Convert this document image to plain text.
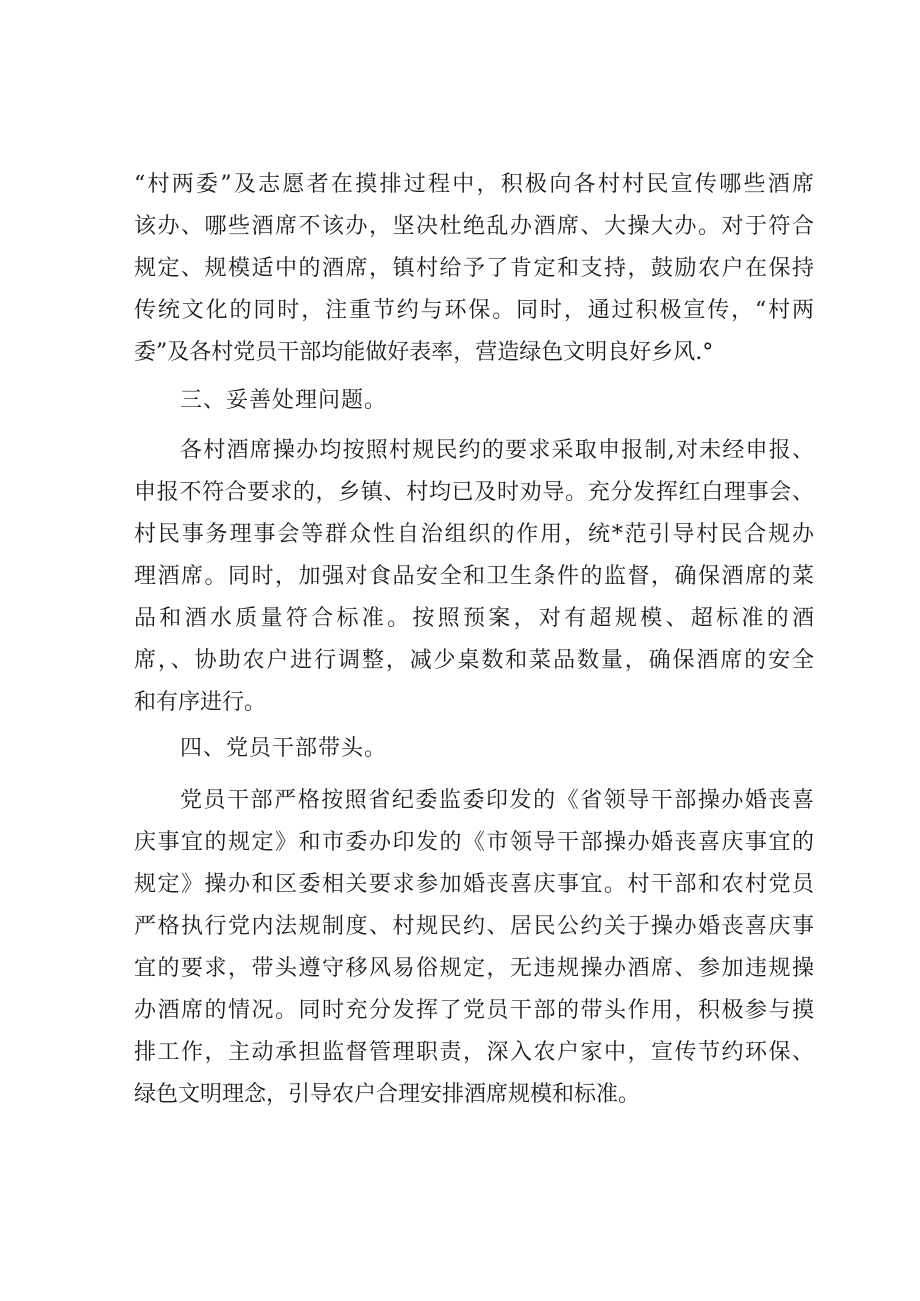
“村两委”及志愿者在摸排过程中，积极向各村村民宣传哪些酒席
该办、哪些酒席不该办，坚决杜绝乱办酒席、大操大办。对于符合
规定、规模适中的酒席，镇村给予了肯定和支持，鼓励农户在保持
传统文化的同时，注重节约与环保。同时，通过积极宣传，“村两
委”及各村党员干部均能做好表率，营造绿色文明良好乡风.°
三、妥善处理问题。
各村酒席操办均按照村规民约的要求采取申报制,对未经申报、
申报不符合要求的，乡镇、村均已及时劝导。充分发挥红白理事会、
村民事务理事会等群众性自治组织的作用，统*范引导村民合规办
理酒席。同时，加强对食品安全和卫生条件的监督，确保酒席的菜
品和酒水质量符合标准。按照预案，对有超规模、超标准的酒
席，、协助农户进行调整，减少桌数和菜品数量，确保酒席的安全
和有序进行。
四、党员干部带头。
党员干部严格按照省纪委监委印发的《省领导干部操办婚丧喜
庆事宜的规定》和市委办印发的《市领导干部操办婚丧喜庆事宜的
规定》操办和区委相关要求参加婚丧喜庆事宜。村干部和农村党员
严格执行党内法规制度、村规民约、居民公约关于操办婚丧喜庆事
宜的要求，带头遵守移风易俗规定，无违规操办酒席、参加违规操
办酒席的情况。同时充分发挥了党员干部的带头作用，积极参与摸
排工作，主动承担监督管理职责，深入农户家中，宣传节约环保、
绿色文明理念，引导农户合理安排酒席规模和标准。
